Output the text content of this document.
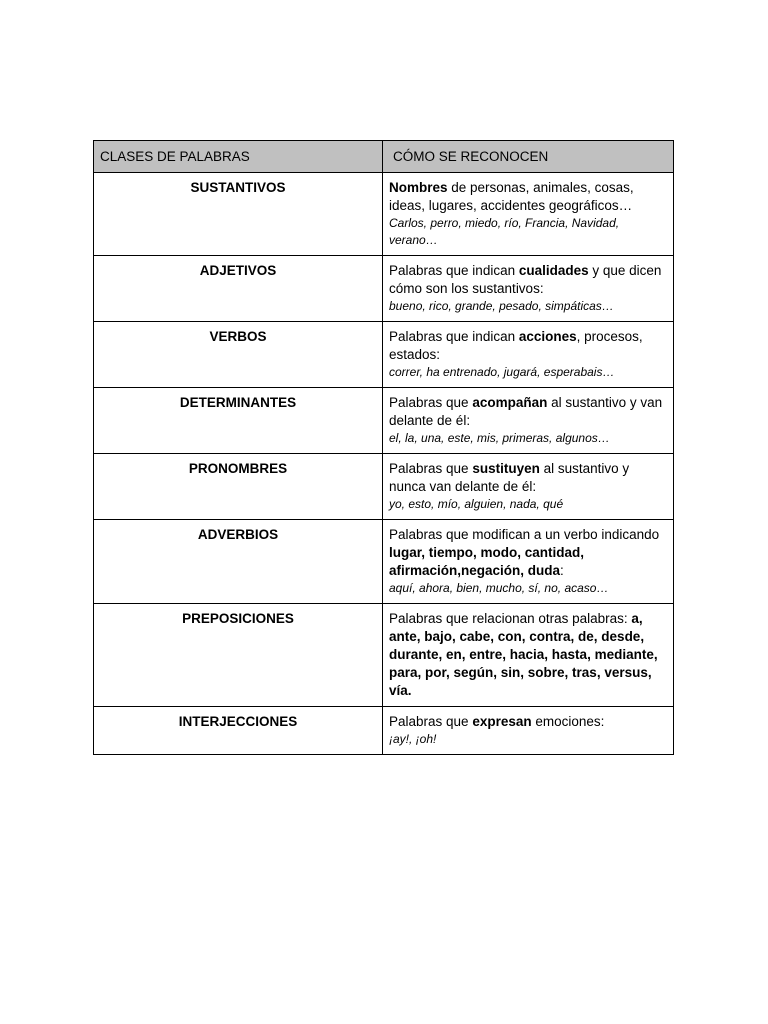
CLASES DE PALABRAS	CÓMO SE RECONOCEN
SUSTANTIVOS	Nombres de personas, animales, cosas, ideas, lugares, accidentes geográficos…
Carlos, perro, miedo, río, Francia, Navidad, verano…

ADJETIVOS	Palabras que indican cualidades y que dicen cómo son los sustantivos:
bueno, rico, grande, pesado, simpáticas…

VERBOS	Palabras que indican acciones, procesos, estados:
correr, ha entrenado, jugará, esperabais…

DETERMINANTES	Palabras que acompañan al sustantivo y van delante de él:
el, la, una, este, mis, primeras, algunos…

PRONOMBRES	Palabras que sustituyen al sustantivo y nunca van delante de él:
yo, esto, mío, alguien, nada, qué

ADVERBIOS	Palabras que modifican a un verbo indicando lugar, tiempo, modo, cantidad, afirmación,negación, duda:
aquí, ahora, bien, mucho, sí, no, acaso…

PREPOSICIONES	Palabras que relacionan otras palabras: a, ante, bajo, cabe, con, contra, de, desde, durante, en, entre, hacia, hasta, mediante, para, por, según, sin, sobre, tras, versus, vía.
INTERJECCIONES	Palabras que expresan emociones:
¡ay!, ¡oh!
